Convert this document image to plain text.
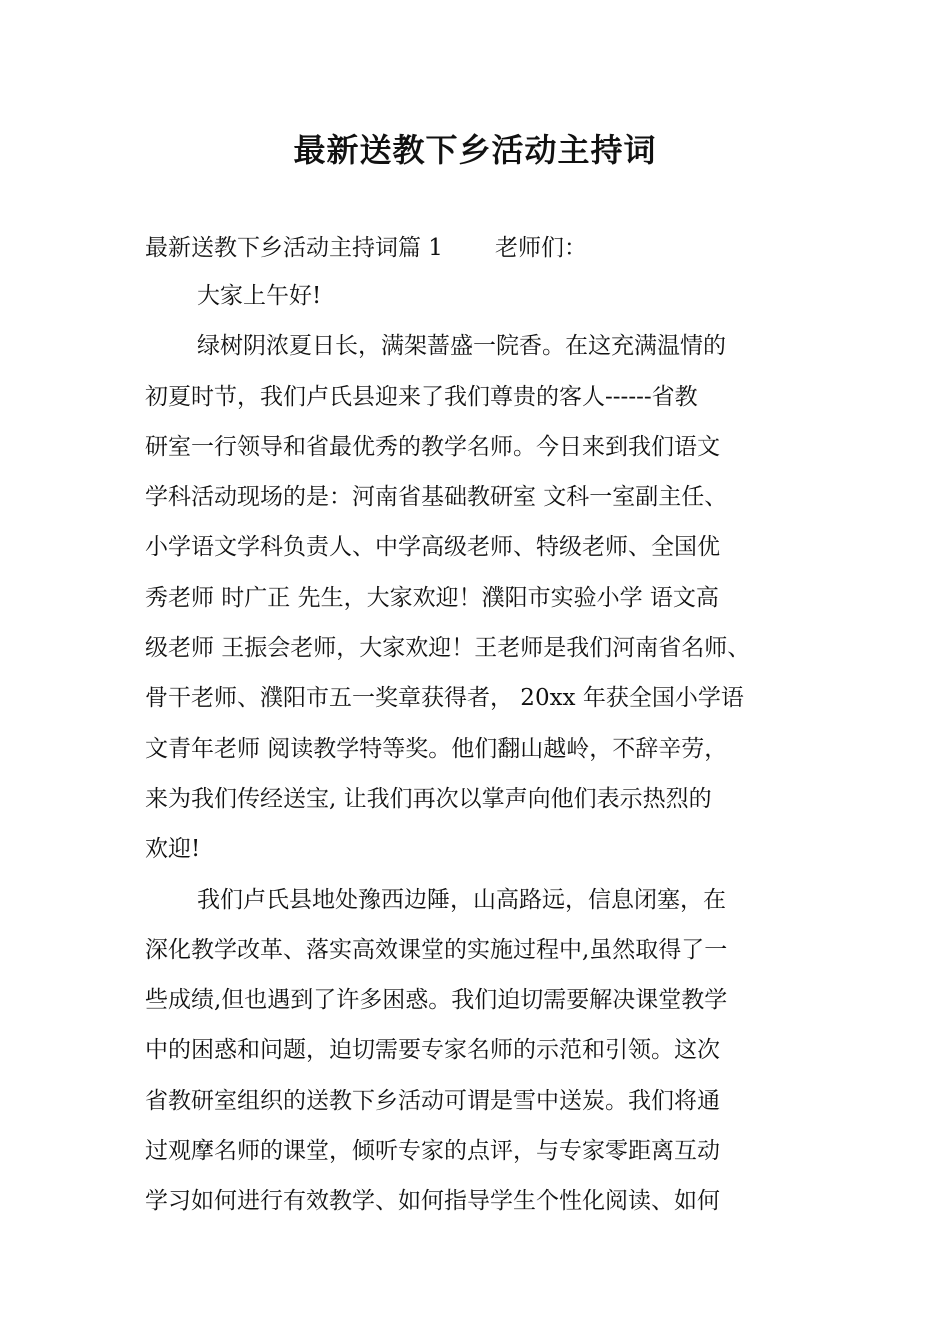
最新送教下乡活动主持词
最新送教下乡活动主持词篇 1 老师们：
大家上午好!
绿树阴浓夏日长，满架蔷盛一院香。在这充满温情的
初夏时节，我们卢氏县迎来了我们尊贵的客人------省教
研室一行领导和省最优秀的教学名师。今日来到我们语文
学科活动现场的是：河南省基础教研室 文科一室副主任、
小学语文学科负责人、中学高级老师、特级老师、全国优
秀老师 时广正 先生，大家欢迎！濮阳市实验小学 语文高
级老师 王振会老师，大家欢迎！王老师是我们河南省名师、
骨干老师、濮阳市五一奖章获得者， 20xx 年获全国小学语
文青年老师 阅读教学特等奖。他们翻山越岭，不辞辛劳，
来为我们传经送宝, 让我们再次以掌声向他们表示热烈的
欢迎!
我们卢氏县地处豫西边陲，山高路远，信息闭塞，在
深化教学改革、落实高效课堂的实施过程中,虽然取得了一
些成绩,但也遇到了许多困惑。我们迫切需要解决课堂教学
中的困惑和问题，迫切需要专家名师的示范和引领。这次
省教研室组织的送教下乡活动可谓是雪中送炭。我们将通
过观摩名师的课堂，倾听专家的点评，与专家零距离互动
学习如何进行有效教学、如何指导学生个性化阅读、如何
